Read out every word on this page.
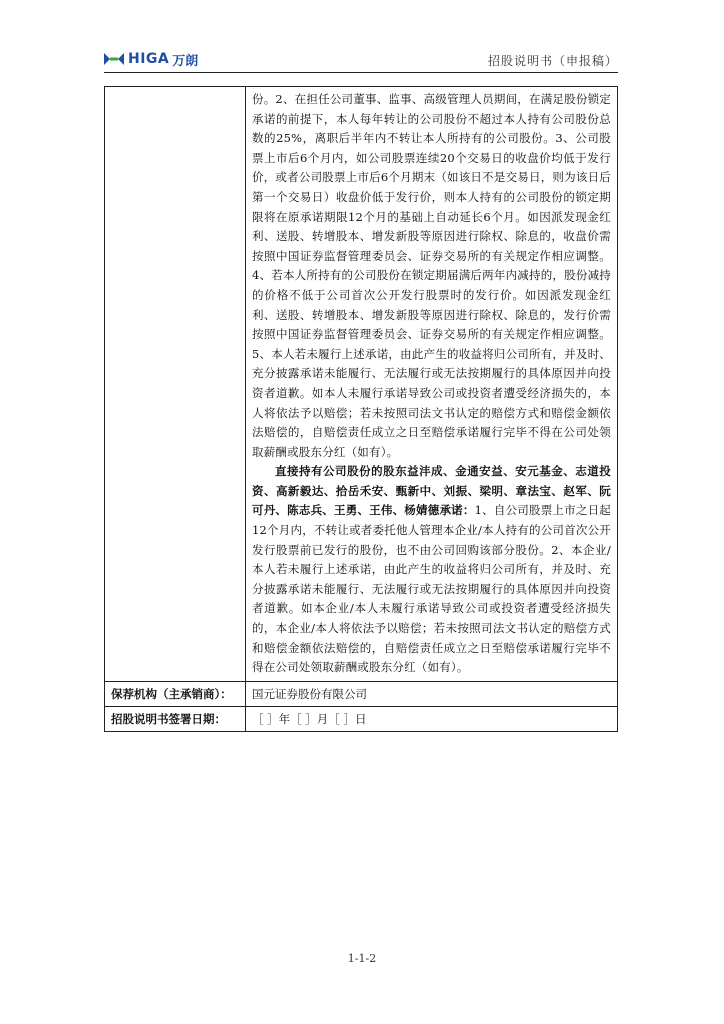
HIGA 万朗	招股说明书（申报稿）

	份。2、在担任公司董事、监事、高级管理人员期间，在满足股份锁定承诺的前提下，本人每年转让的公司股份不超过本人持有公司股份总数的25%，离职后半年内不转让本人所持有的公司股份。3、公司股票上市后6个月内，如公司股票连续20个交易日的收盘价均低于发行价，或者公司股票上市后6个月期末（如该日不是交易日，则为该日后第一个交易日）收盘价低于发行价，则本人持有的公司股份的锁定期限将在原承诺期限12个月的基础上自动延长6个月。如因派发现金红利、送股、转增股本、增发新股等原因进行除权、除息的，收盘价需按照中国证券监督管理委员会、证券交易所的有关规定作相应调整。4、若本人所持有的公司股份在锁定期届满后两年内减持的，股份减持的价格不低于公司首次公开发行股票时的发行价。如因派发现金红利、送股、转增股本、增发新股等原因进行除权、除息的，发行价需按照中国证券监督管理委员会、证券交易所的有关规定作相应调整。5、本人若未履行上述承诺，由此产生的收益将归公司所有，并及时、充分披露承诺未能履行、无法履行或无法按期履行的具体原因并向投资者道歉。如本人未履行承诺导致公司或投资者遭受经济损失的，本人将依法予以赔偿；若未按照司法文书认定的赔偿方式和赔偿金额依法赔偿的，自赔偿责任成立之日至赔偿承诺履行完毕不得在公司处领取薪酬或股东分红（如有）。

直接持有公司股份的股东益沣成、金通安益、安元基金、志道投资、高新毅达、拾岳禾安、甄新中、刘振、梁明、章法宝、赵军、阮可丹、陈志兵、王勇、王伟、杨婧德承诺：1、自公司股票上市之日起12个月内，不转让或者委托他人管理本企业/本人持有的公司首次公开发行股票前已发行的股份，也不由公司回购该部分股份。2、本企业/本人若未履行上述承诺，由此产生的收益将归公司所有，并及时、充分披露承诺未能履行、无法履行或无法按期履行的具体原因并向投资者道歉。如本企业/本人未履行承诺导致公司或投资者遭受经济损失的，本企业/本人将依法予以赔偿；若未按照司法文书认定的赔偿方式和赔偿金额依法赔偿的，自赔偿责任成立之日至赔偿承诺履行完毕不得在公司处领取薪酬或股东分红（如有）。

保荐机构（主承销商）：	国元证券股份有限公司
招股说明书签署日期：	［ ］年［ ］月［ ］日
1-1-2
